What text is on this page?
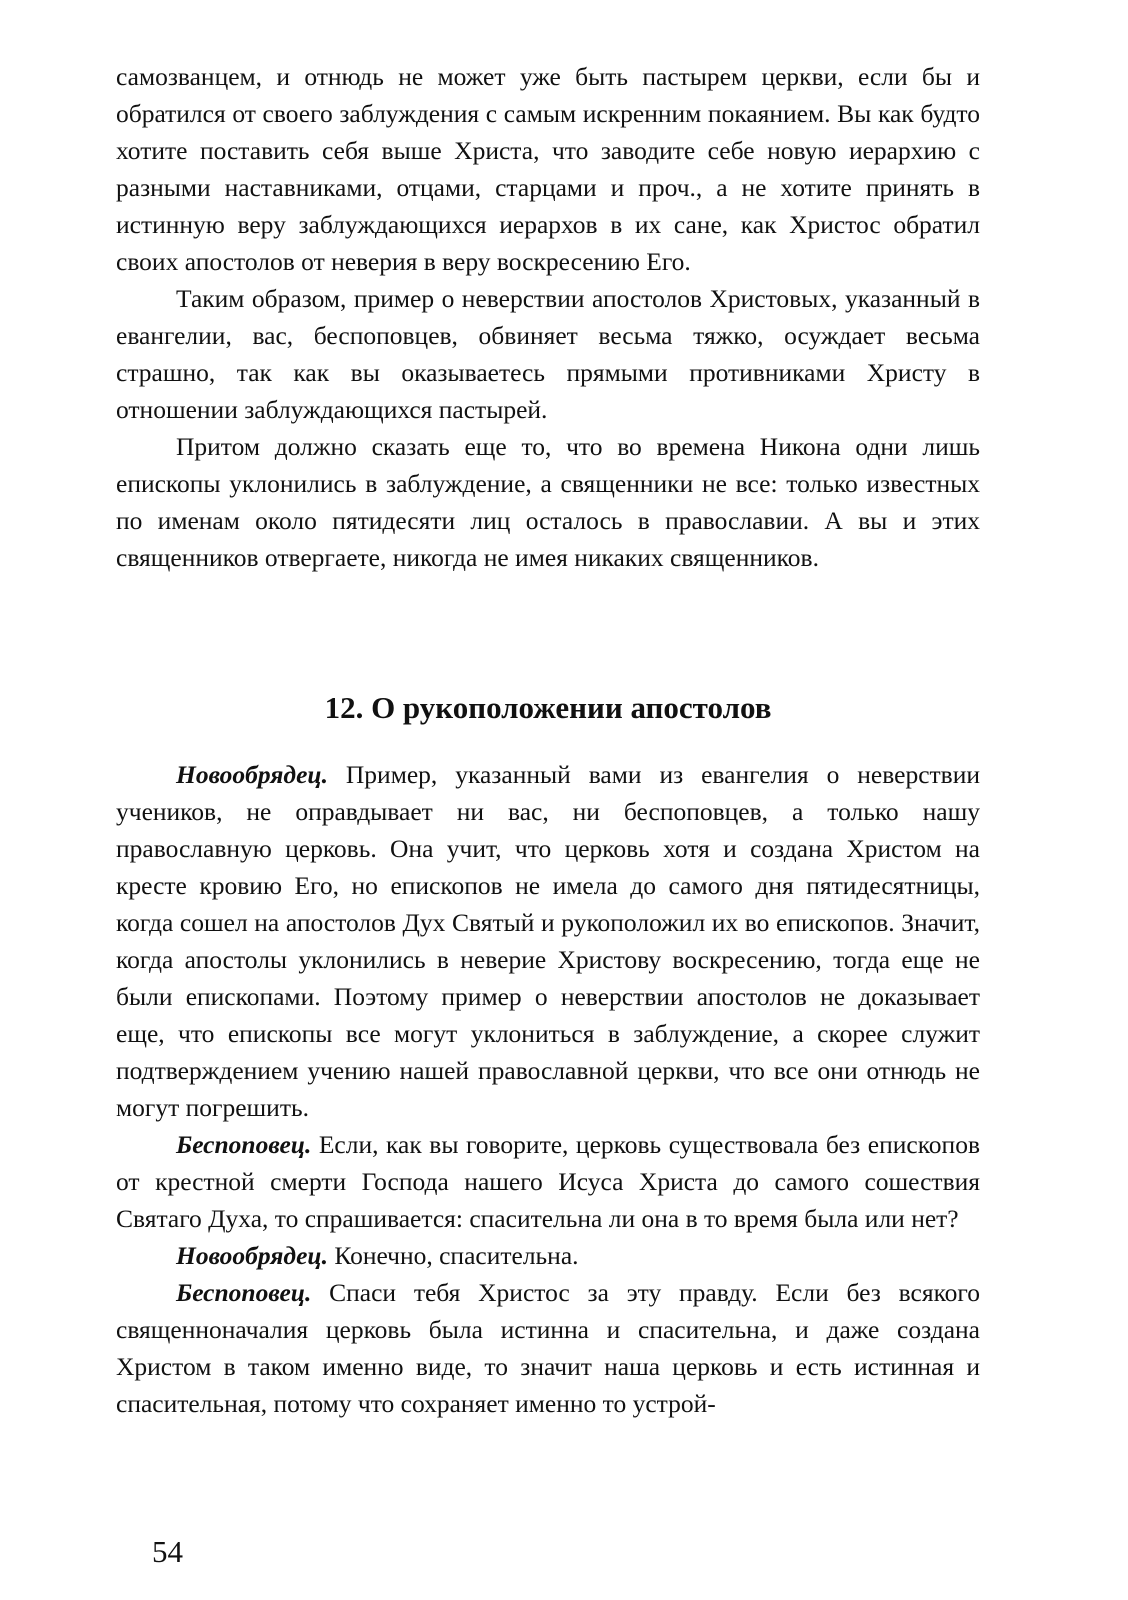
самозванцем, и отнюдь не может уже быть пастырем церкви, если бы и обратился от своего заблуждения с самым искренним покаянием. Вы как будто хотите поставить себя выше Христа, что заводите себе новую иерархию с разными наставниками, отцами, старцами и проч., а не хотите принять в истинную веру заблуждающихся иерархов в их сане, как Христос обратил своих апостолов от неверия в веру воскресению Его.

Таким образом, пример о неверствии апостолов Христовых, указанный в евангелии, вас, беспоповцев, обвиняет весьма тяжко, осуждает весьма страшно, так как вы оказываетесь прямыми противниками Христу в отношении заблуждающихся пастырей.

Притом должно сказать еще то, что во времена Никона одни лишь епископы уклонились в заблуждение, а священники не все: только известных по именам около пятидесяти лиц осталось в православии. А вы и этих священников отвергаете, никогда не имея никаких священников.

12. О рукоположении апостолов

Новообрядец. Пример, указанный вами из евангелия о неверствии учеников, не оправдывает ни вас, ни беспоповцев, а только нашу православную церковь. Она учит, что церковь хотя и создана Христом на кресте кровию Его, но епископов не имела до самого дня пятидесятницы, когда сошел на апостолов Дух Святый и рукоположил их во епископов. Значит, когда апостолы уклонились в неверие Христову воскресению, тогда еще не были епископами. Поэтому пример о неверствии апостолов не доказывает еще, что епископы все могут уклониться в заблуждение, а скорее служит подтверждением учению нашей православной церкви, что все они отнюдь не могут погрешить.

Беспоповец. Если, как вы говорите, церковь существовала без епископов от крестной смерти Господа нашего Исуса Христа до самого сошествия Святаго Духа, то спрашивается: спасительна ли она в то время была или нет?

Новообрядец. Конечно, спасительна.

Беспоповец. Спаси тебя Христос за эту правду. Если без всякого священноначалия церковь была истинна и спасительна, и даже создана Христом в таком именно виде, то значит наша церковь и есть истинная и спасительная, потому что сохраняет именно то устрой-

54
